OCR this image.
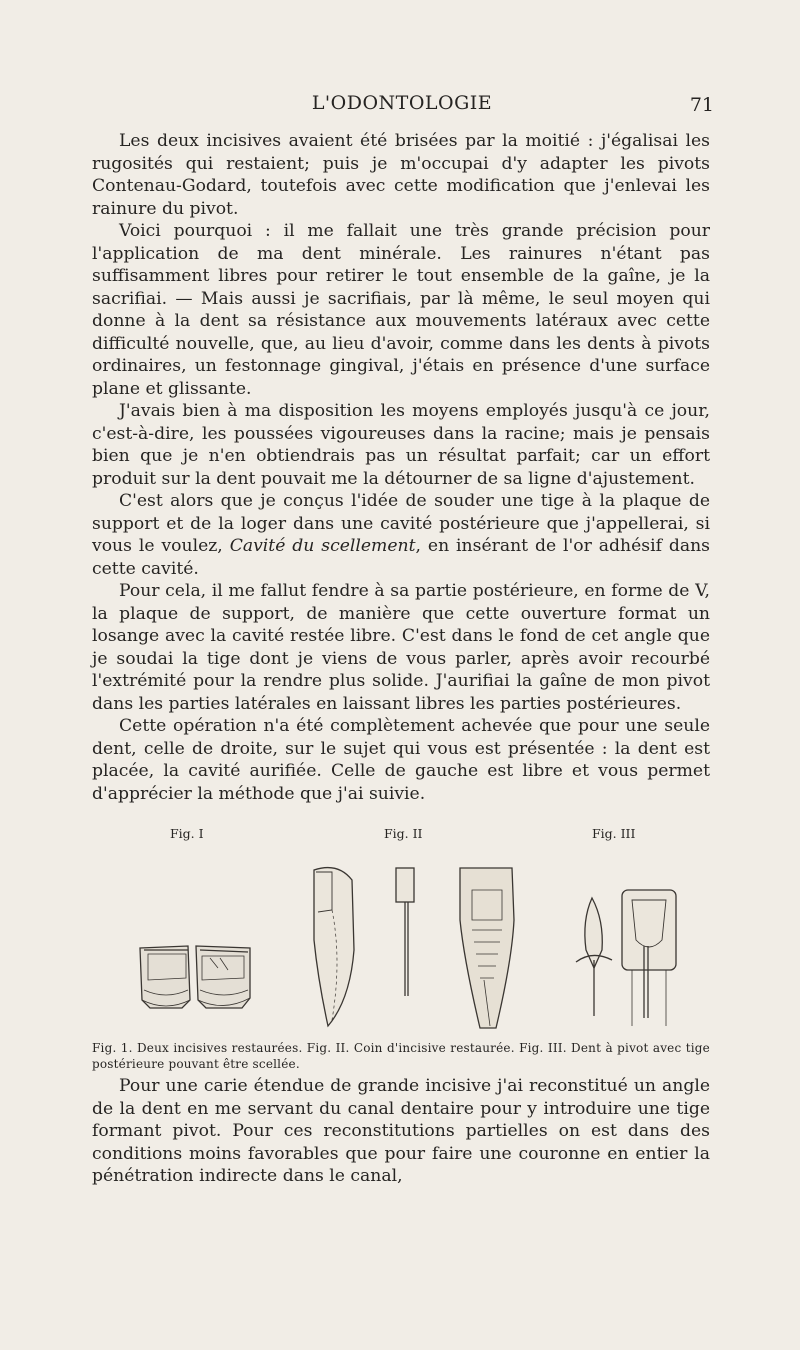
L'ODONTOLOGIE	71

Les deux incisives avaient été brisées par la moitié : j'égalisai les rugosités qui restaient; puis je m'occupai d'y adapter les pivots Contenau-Godard, toutefois avec cette modification que j'enlevai les rainure du pivot.

Voici pourquoi : il me fallait une très grande précision pour l'application de ma dent minérale. Les rainures n'étant pas suffisamment libres pour retirer le tout ensemble de la gaîne, je la sacrifiai. — Mais aussi je sacrifiais, par là même, le seul moyen qui donne à la dent sa résistance aux mouvements latéraux avec cette difficulté nouvelle, que, au lieu d'avoir, comme dans les dents à pivots ordinaires, un festonnage gingival, j'étais en présence d'une surface plane et glissante.

J'avais bien à ma disposition les moyens employés jusqu'à ce jour, c'est-à-dire, les poussées vigoureuses dans la racine; mais je pensais bien que je n'en obtiendrais pas un résultat parfait; car un effort produit sur la dent pouvait me la détourner de sa ligne d'ajustement.

C'est alors que je conçus l'idée de souder une tige à la plaque de support et de la loger dans une cavité postérieure que j'appellerai, si vous le voulez, Cavité du scellement, en insérant de l'or adhésif dans cette cavité.

Pour cela, il me fallut fendre à sa partie postérieure, en forme de V, la plaque de support, de manière que cette ouverture format un losange avec la cavité restée libre. C'est dans le fond de cet angle que je soudai la tige dont je viens de vous parler, après avoir recourbé l'extrémité pour la rendre plus solide. J'aurifiai la gaîne de mon pivot dans les parties latérales en laissant libres les parties postérieures.

Cette opération n'a été complètement achevée que pour une seule dent, celle de droite, sur le sujet qui vous est présentée : la dent est placée, la cavité aurifiée. Celle de gauche est libre et vous permet d'apprécier la méthode que j'ai suivie.

Fig. I	Fig. II	Fig. III
Fig. 1. Deux incisives restaurées. Fig. II. Coin d'incisive restaurée. Fig. III. Dent à pivot avec tige postérieure pouvant être scellée.

Pour une carie étendue de grande incisive j'ai reconstitué un angle de la dent en me servant du canal dentaire pour y introduire une tige formant pivot. Pour ces reconstitutions partielles on est dans des conditions moins favorables que pour faire une couronne en entier la pénétration indirecte dans le canal,
